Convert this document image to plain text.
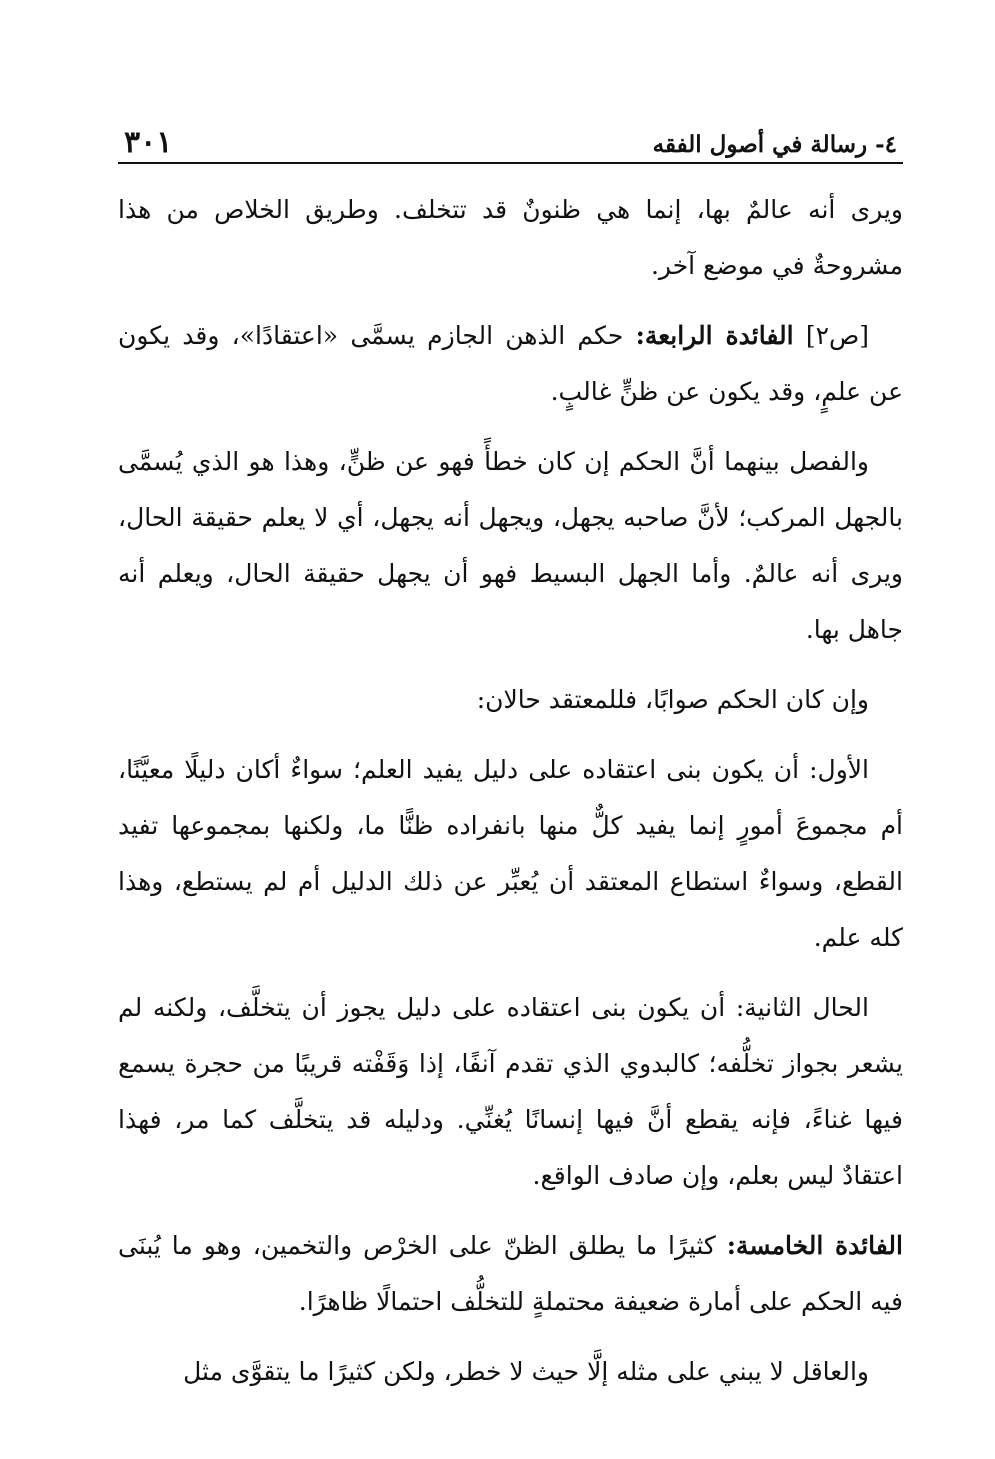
٤- رسالة في أصول الفقه
٣٠١

ويرى أنه عالمٌ بها، إنما هي ظنونٌ قد تتخلف. وطريق الخلاص من هذا مشروحةٌ في موضع آخر.

[ص٢] الفائدة الرابعة: حكم الذهن الجازم يسمَّى «اعتقادًا»، وقد يكون عن علمٍ، وقد يكون عن ظنٍّ غالبٍ.

والفصل بينهما أنَّ الحكم إن كان خطأً فهو عن ظنٍّ، وهذا هو الذي يُسمَّى بالجهل المركب؛ لأنَّ صاحبه يجهل، ويجهل أنه يجهل، أي لا يعلم حقيقة الحال، ويرى أنه عالمٌ. وأما الجهل البسيط فهو أن يجهل حقيقة الحال، ويعلم أنه جاهل بها.

وإن كان الحكم صوابًا، فللمعتقد حالان:

الأول: أن يكون بنى اعتقاده على دليل يفيد العلم؛ سواءٌ أكان دليلًا معيَّنًا، أم مجموعَ أمورٍ إنما يفيد كلٌّ منها بانفراده ظنًّا ما، ولكنها بمجموعها تفيد القطع، وسواءٌ استطاع المعتقد أن يُعبِّر عن ذلك الدليل أم لم يستطع، وهذا كله علم.

الحال الثانية: أن يكون بنى اعتقاده على دليل يجوز أن يتخلَّف، ولكنه لم يشعر بجواز تخلُّفه؛ كالبدوي الذي تقدم آنفًا، إذا وَقَفْته قريبًا من حجرة يسمع فيها غناءً، فإنه يقطع أنَّ فيها إنسانًا يُغنِّي. ودليله قد يتخلَّف كما مر، فهذا اعتقادٌ ليس بعلم، وإن صادف الواقع.

الفائدة الخامسة: كثيرًا ما يطلق الظنّ على الخرْص والتخمين، وهو ما يُبنَى فيه الحكم على أمارة ضعيفة محتملةٍ للتخلُّف احتمالًا ظاهرًا.

والعاقل لا يبني على مثله إلَّا حيث لا خطر، ولكن كثيرًا ما يتقوَّى مثل
